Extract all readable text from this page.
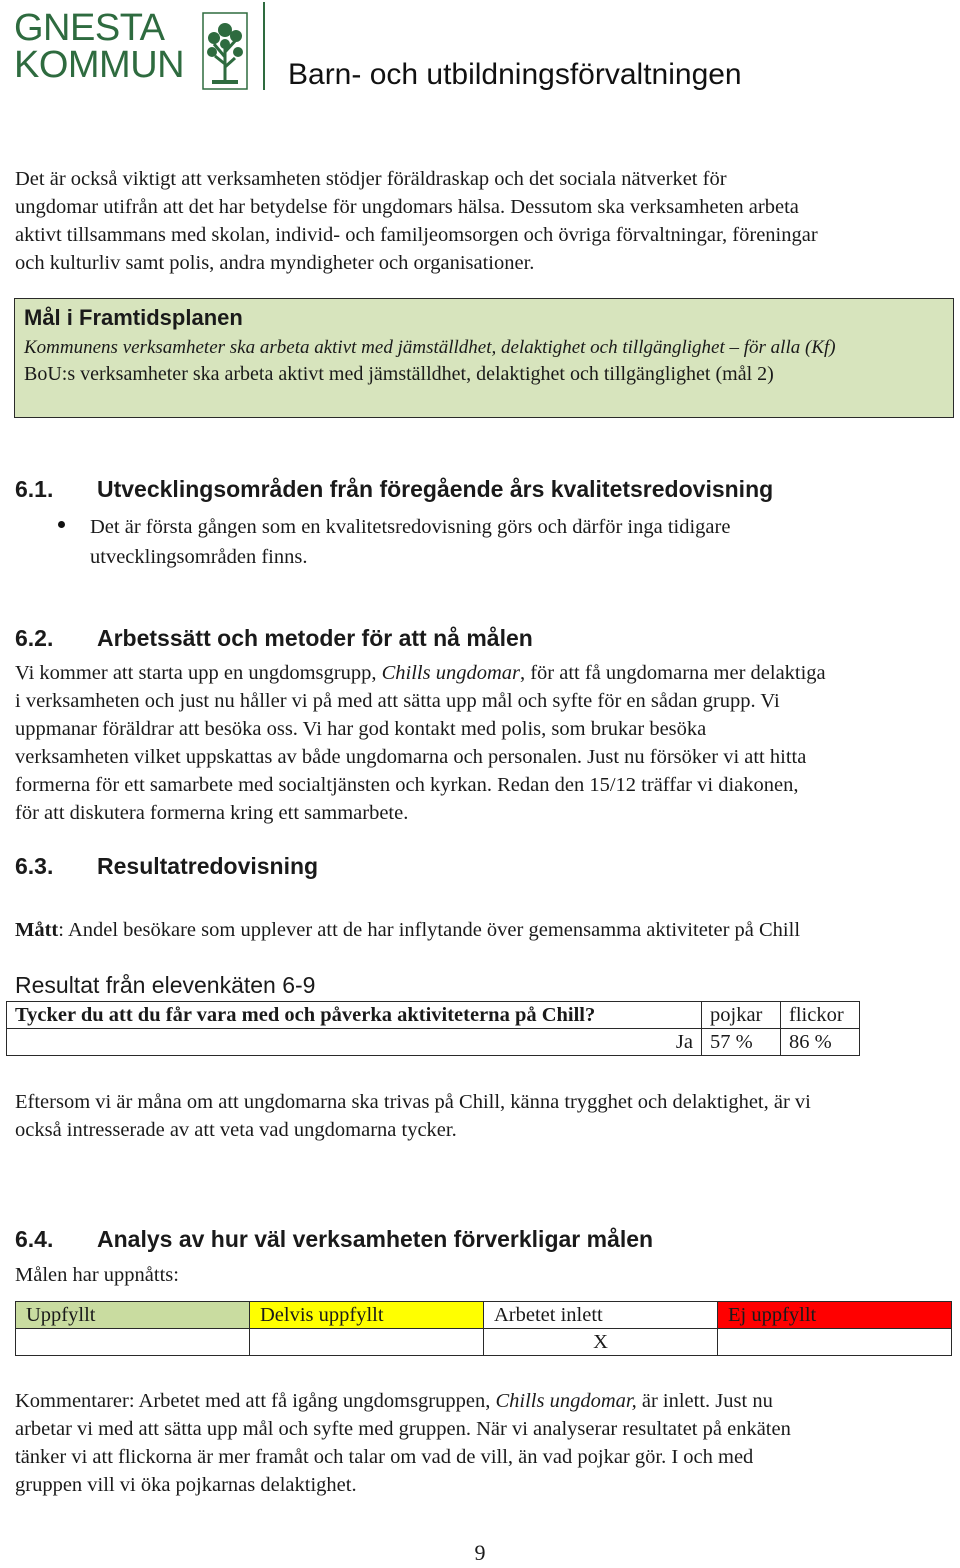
GNESTA
KOMMUN	Barn- och utbildningsförvaltningen
Det är också viktigt att verksamheten stödjer föräldraskap och det sociala nätverket för
ungdomar utifrån att det har betydelse för ungdomars hälsa. Dessutom ska verksamheten arbeta
aktivt tillsammans med skolan, individ- och familjeomsorgen och övriga förvaltningar, föreningar
och kulturliv samt polis, andra myndigheter och organisationer.
Mål i Framtidsplanen
Kommunens verksamheter ska arbeta aktivt med jämställdhet, delaktighet och tillgänglighet – för alla (Kf)
BoU:s verksamheter ska arbeta aktivt med jämställdhet, delaktighet och tillgänglighet (mål 2)
6.1. Utvecklingsområden från föregående års kvalitetsredovisning
Det är första gången som en kvalitetsredovisning görs och därför inga tidigare
utvecklingsområden finns.
6.2. Arbetssätt och metoder för att nå målen
Vi kommer att starta upp en ungdomsgrupp, Chills ungdomar, för att få ungdomarna mer delaktiga
i verksamheten och just nu håller vi på med att sätta upp mål och syfte för en sådan grupp. Vi
uppmanar föräldrar att besöka oss. Vi har god kontakt med polis, som brukar besöka
verksamheten vilket uppskattas av både ungdomarna och personalen. Just nu försöker vi att hitta
formerna för ett samarbete med socialtjänsten och kyrkan. Redan den 15/12 träffar vi diakonen,
för att diskutera formerna kring ett sammarbete.
6.3. Resultatredovisning
Mått: Andel besökare som upplever att de har inflytande över gemensamma aktiviteter på Chill
Resultat från elevenkäten 6-9
Tycker du att du får vara med och påverka aktiviteterna på Chill?	pojkar	flickor
Ja	57 %	86 %
Eftersom vi är måna om att ungdomarna ska trivas på Chill, känna trygghet och delaktighet, är vi
också intresserade av att veta vad ungdomarna tycker.
6.4. Analys av hur väl verksamheten förverkligar målen
Målen har uppnåtts:
Uppfyllt	Delvis uppfyllt	Arbetet inlett	Ej uppfyllt
		X	
Kommentarer: Arbetet med att få igång ungdomsgruppen, Chills ungdomar, är inlett. Just nu
arbetar vi med att sätta upp mål och syfte med gruppen. När vi analyserar resultatet på enkäten
tänker vi att flickorna är mer framåt och talar om vad de vill, än vad pojkar gör. I och med
gruppen vill vi öka pojkarnas delaktighet.
9
